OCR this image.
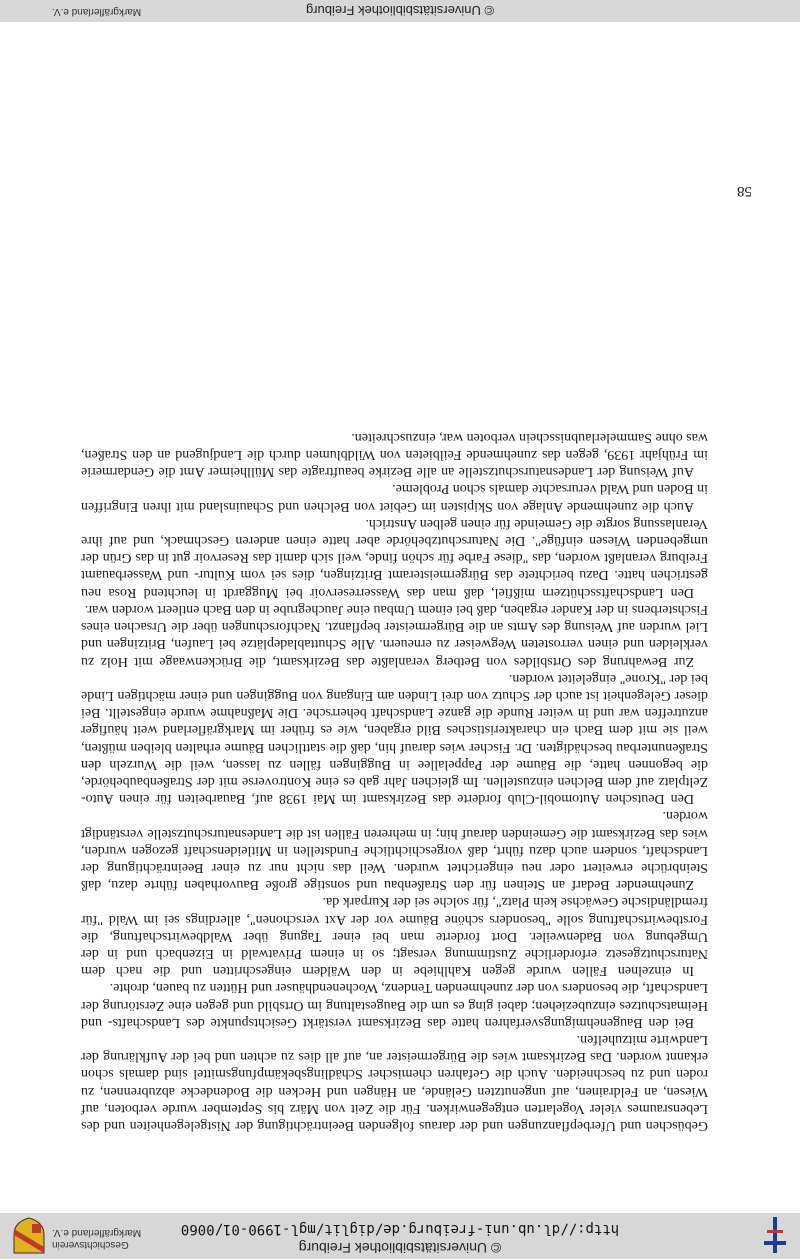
© Universitätsbibliothek Freiburg
http://dl.ub.uni-freiburg.de/diglit/mgl-1990-01/0060
Geschichtsverein
Markgräflerland e.V.

Gebüschen und Uferbepflanzungen und der daraus folgenden Beeinträchtigung der Nistgelegenheiten und des Lebensraumes vieler Vogelarten entgegenwirken. Für die Zeit von März bis September wurde verboten, auf Wiesen, an Feldrainen, auf ungenutzten Gelände, an Hängen und Hecken die Bodendecke abzubrennen, zu roden und zu beschneiden. Auch die Gefahren chemischer Schädlingsbekämpfungsmittel sind damals schon erkannt worden. Das Bezirksamt wies die Bürgermeister an, auf all dies zu achten und bei der Aufklärung der Landwirte mitzuhelfen.

Bei den Baugenehmigungsverfahren hatte das Bezirksamt verstärkt Gesichtspunkte des Landschafts- und Heimatschutzes einzubeziehen; dabei ging es um die Baugestaltung im Ortsbild und gegen eine Zerstörung der Landschaft, die besonders von der zunehmenden Tendenz, Wochenendhäuser und Hütten zu bauen, drohte.

In einzelnen Fällen wurde gegen Kahlhiebe in den Wäldern eingeschritten und die nach dem Naturschutzgesetz erforderliche Zustimmung versagt; so in einem Privatwald in Eizenbach und in der Umgebung von Badenweiler. Dort forderte man bei einer Tagung über Waldbewirtschaftung, die Forstbewirtschaftung solle "besonders schöne Bäume vor der Axt verschonen", allerdings sei im Wald "für fremdländische Gewächse kein Platz", für solche sei der Kurpark da.

Zunehmender Bedarf an Steinen für den Straßenbau und sonstige große Bauvorhaben führte dazu, daß Steinbrüche erweitert oder neu eingerichtet wurden. Weil das nicht nur zu einer Beeinträchtigung der Landschaft, sondern auch dazu führt, daß vorgeschichtliche Fundstellen in Mitleidenschaft gezogen wurden, wies das Bezirksamt die Gemeinden darauf hin; in mehreren Fällen ist die Landesnaturschutzstelle verständigt worden.

Den Deutschen Automobil-Club forderte das Bezirksamt im Mai 1938 auf, Bauarbeiten für einen Auto-Zeltplatz auf dem Belchen einzustellen. Im gleichen Jahr gab es eine Kontroverse mit der Straßenbaubehörde, die begonnen hatte, die Bäume der Pappelallee in Buggingen fällen zu lassen, weil die Wurzeln den Straßenunterbau beschädigten. Dr. Fischer wies darauf hin, daß die stattlichen Bäume erhalten bleiben müßten, weil sie mit dem Bach ein charakteristisches Bild ergaben, wie es früher im Markgräflerland weit häufiger anzutreffen war und in weiter Runde die ganze Landschaft beherrsche. Die Maßnahme wurde eingestellt. Bei dieser Gelegenheit ist auch der Schutz von drei Linden am Eingang von Buggingen und einer mächtigen Linde bei der "Krone" eingeleitet worden.

Zur Bewahrung des Ortsbildes von Betberg veranlaßte das Bezirksamt, die Brückenwaage mit Holz zu verkleiden und einen verrosteten Wegweiser zu erneuern. Alle Schuttabladeplätze bei Laufen, Britzingen und Liel wurden auf Weisung des Amts an die Bürgermeister bepflanzt. Nachforschungen über die Ursachen eines Fischsterbens in der Kander ergaben, daß bei einem Umbau eine Jauchegrube in den Bach entleert worden war.

Den Landschaftsschützern mißfiel, daß man das Wasserreservoir bei Muggardt in leuchtend Rosa neu gestrichen hatte. Dazu berichtete das Bürgermeisteramt Britzingen, dies sei vom Kultur- und Wasserbauamt Freiburg veranlaßt worden, das "diese Farbe für schön finde, weil sich damit das Reservoir gut in das Grün der umgebenden Wiesen einfüge". Die Naturschutzbehörde aber hatte einen anderen Geschmack, und auf ihre Veranlassung sorgte die Gemeinde für einen gelben Anstrich.

Auch die zunehmende Anlage von Skipisten im Gebiet von Belchen und Schauinsland mit ihren Eingriffen in Boden und Wald verursachte damals schon Probleme.

Auf Weisung der Landesnaturschutzstelle an alle Bezirke beauftragte das Müllheimer Amt die Gendarmerie im Frühjahr 1939, gegen das zunehmende Feilbieten von Wildblumen durch die Landjugend an den Straßen, was ohne Sammelerlaubnisschein verboten war, einzuschreiten.

58
© Universitätsbibliothek Freiburg
Markgräflerland e.V.
